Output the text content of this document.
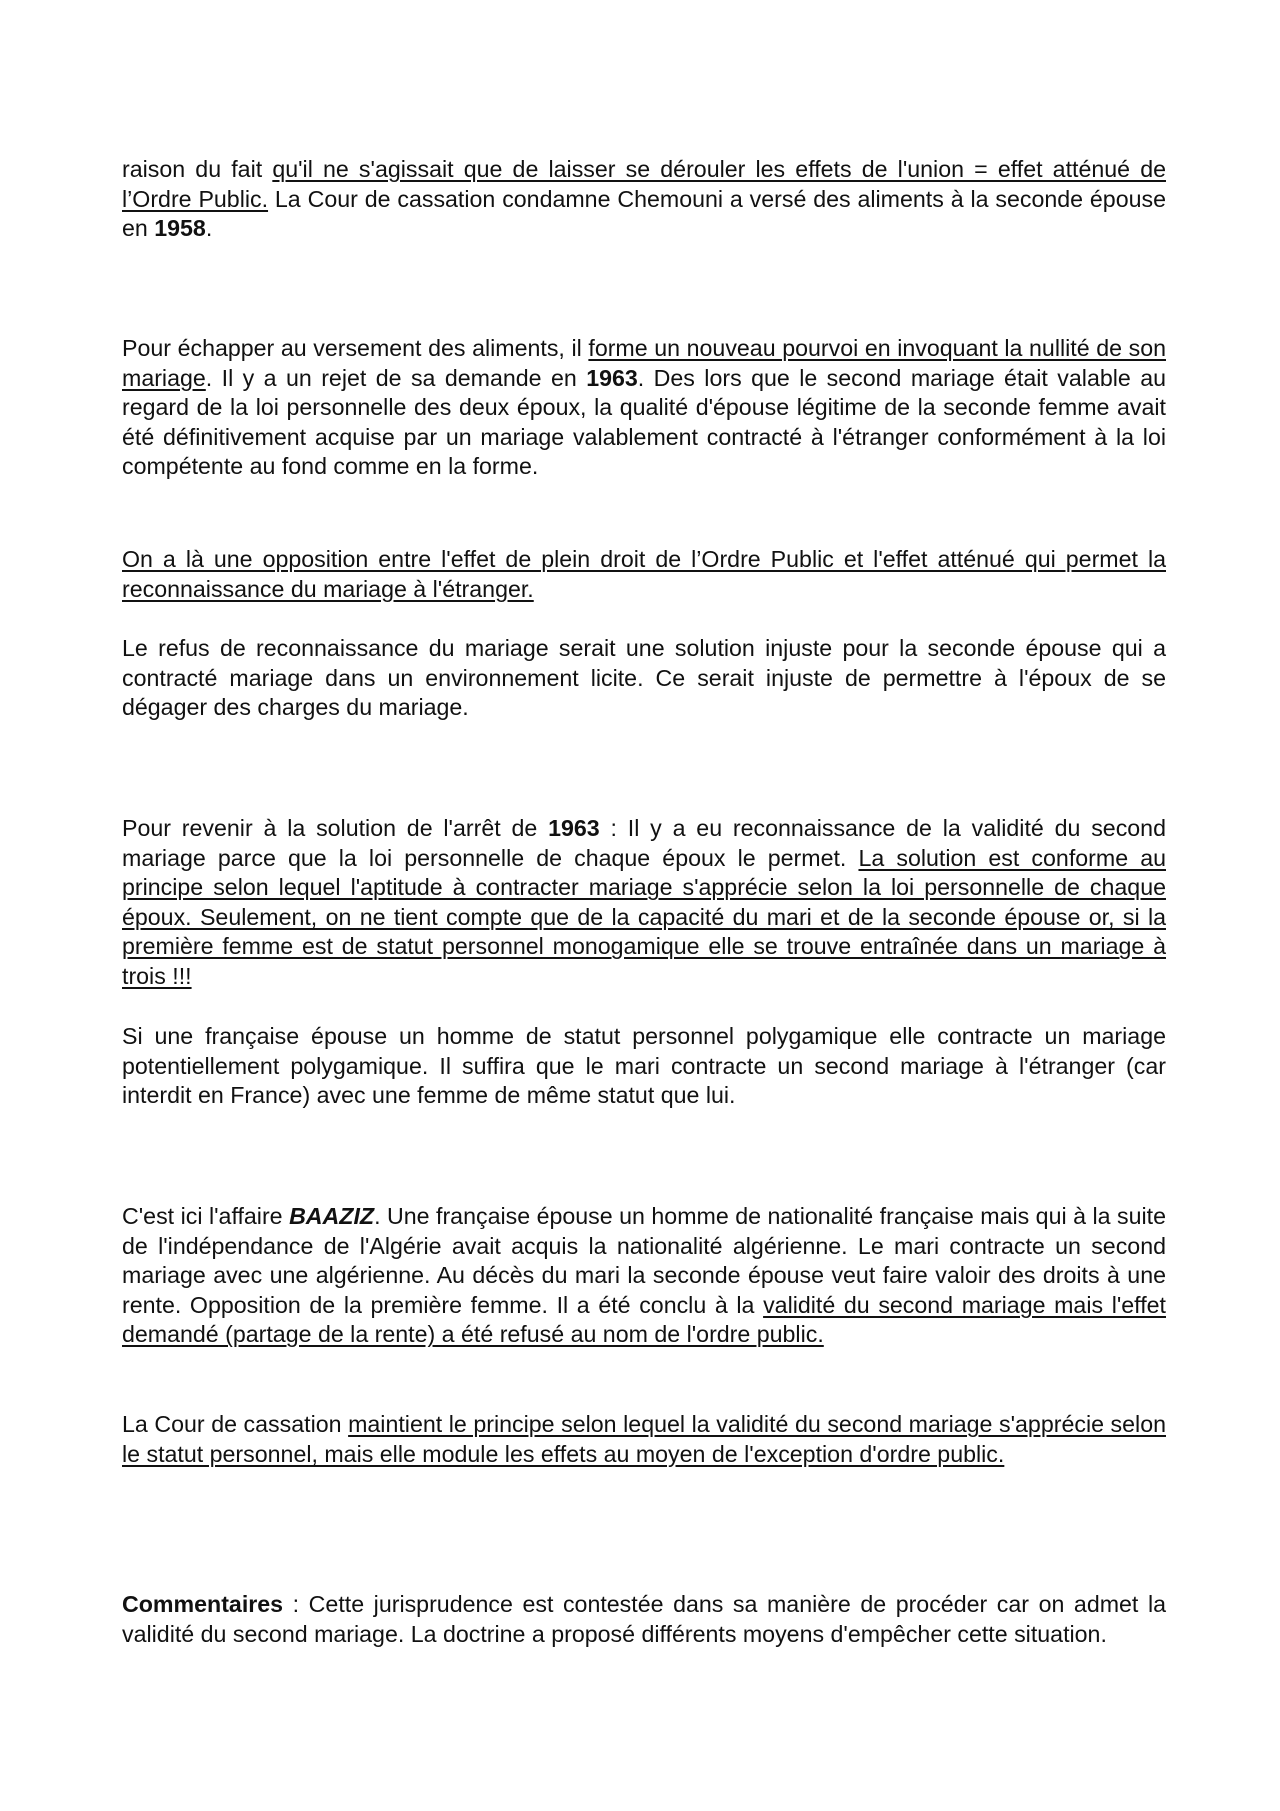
raison du fait qu'il ne s'agissait que de laisser se dérouler les effets de l'union = effet atténué de l’Ordre Public. La Cour de cassation condamne Chemouni a versé des aliments à la seconde épouse en 1958.

Pour échapper au versement des aliments, il forme un nouveau pourvoi en invoquant la nullité de son mariage. Il y a un rejet de sa demande en 1963. Des lors que le second mariage était valable au regard de la loi personnelle des deux époux, la qualité d'épouse légitime de la seconde femme avait été définitivement acquise par un mariage valablement contracté à l'étranger conformément à la loi compétente au fond comme en la forme.

On a là une opposition entre l'effet de plein droit de l’Ordre Public et l'effet atténué qui permet la reconnaissance du mariage à l'étranger.

Le refus de reconnaissance du mariage serait une solution injuste pour la seconde épouse qui a contracté mariage dans un environnement licite. Ce serait injuste de permettre à l'époux de se dégager des charges du mariage.

Pour revenir à la solution de l'arrêt de 1963 : Il y a eu reconnaissance de la validité du second mariage parce que la loi personnelle de chaque époux le permet. La solution est conforme au principe selon lequel l'aptitude à contracter mariage s'apprécie selon la loi personnelle de chaque époux. Seulement, on ne tient compte que de la capacité du mari et de la seconde épouse or, si la première femme est de statut personnel monogamique elle se trouve entraînée dans un mariage à trois !!!

Si une française épouse un homme de statut personnel polygamique elle contracte un mariage potentiellement polygamique. Il suffira que le mari contracte un second mariage à l'étranger (car interdit en France) avec une femme de même statut que lui.

C'est ici l'affaire BAAZIZ. Une française épouse un homme de nationalité française mais qui à la suite de l'indépendance de l'Algérie avait acquis la nationalité algérienne. Le mari contracte un second mariage avec une algérienne. Au décès du mari la seconde épouse veut faire valoir des droits à une rente. Opposition de la première femme. Il a été conclu à la validité du second mariage mais l'effet demandé (partage de la rente) a été refusé au nom de l'ordre public.

La Cour de cassation maintient le principe selon lequel la validité du second mariage s'apprécie selon le statut personnel, mais elle module les effets au moyen de l'exception d'ordre public.

Commentaires : Cette jurisprudence est contestée dans sa manière de procéder car on admet la validité du second mariage. La doctrine a proposé différents moyens d'empêcher cette situation.
